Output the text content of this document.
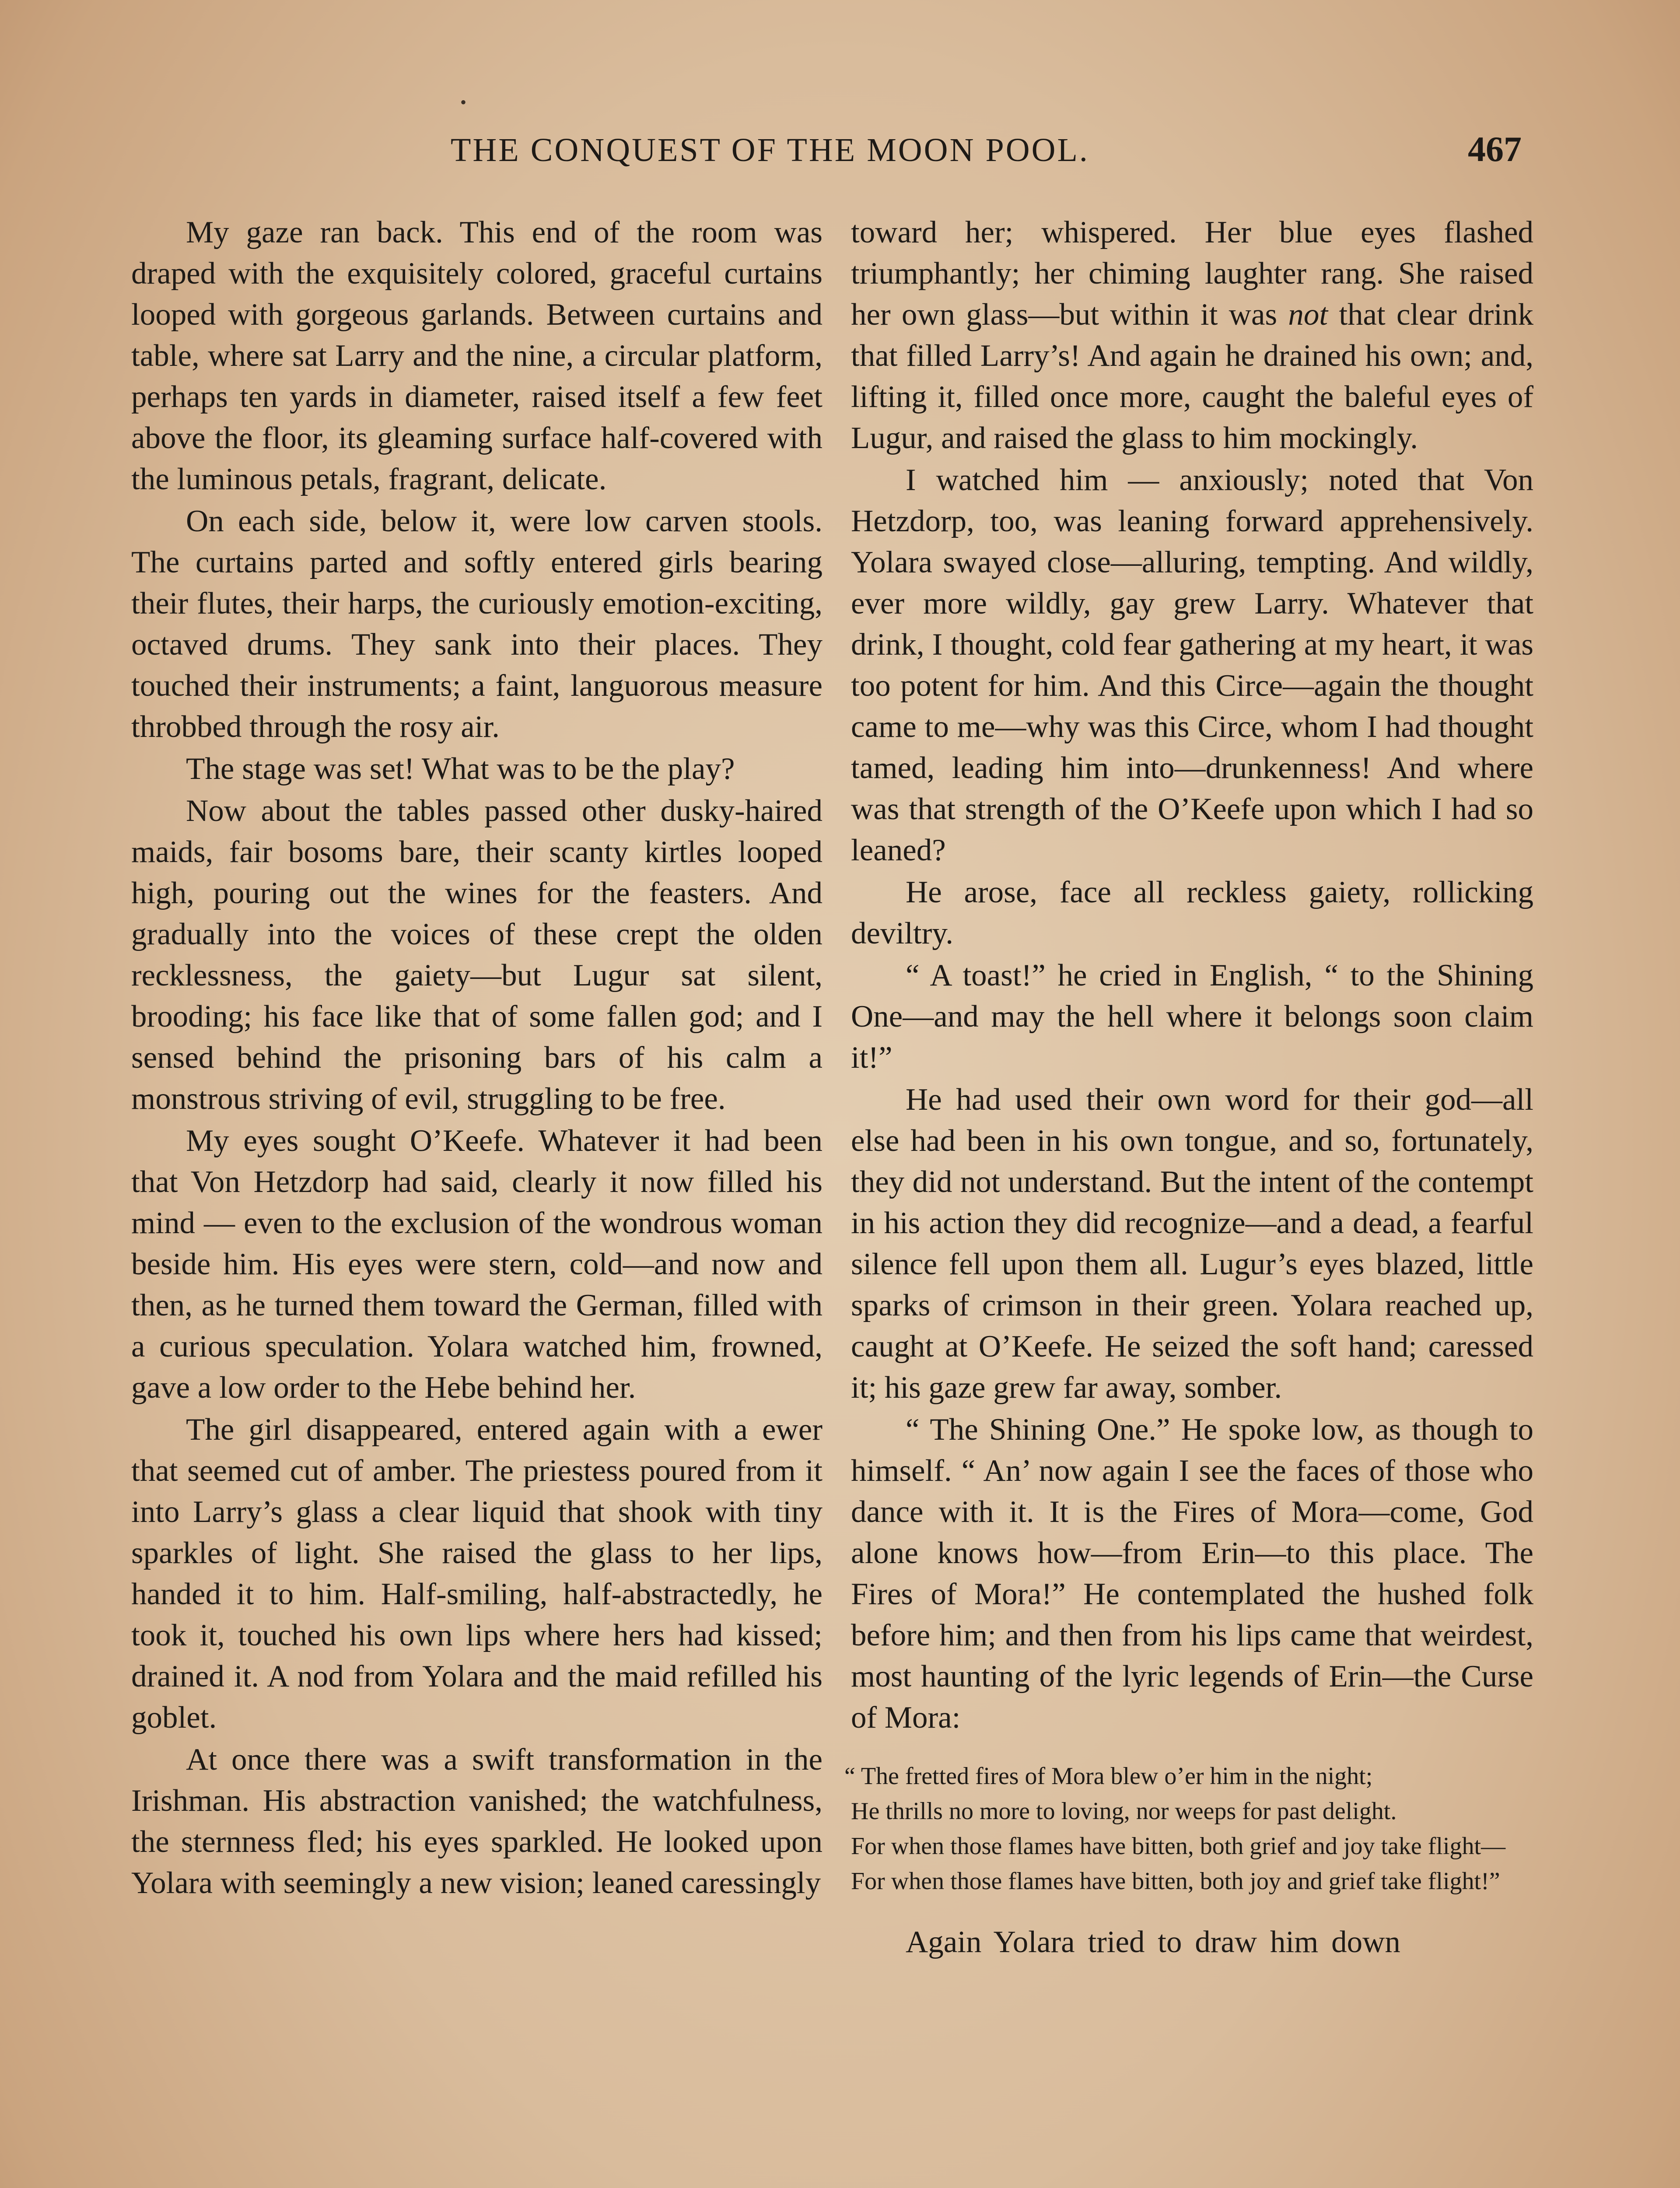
THE CONQUEST OF THE MOON POOL.	467

My gaze ran back. This end of the room was draped with the exquisitely colored, graceful curtains looped with gorgeous garlands. Between curtains and table, where sat Larry and the nine, a circular platform, perhaps ten yards in diameter, raised itself a few feet above the floor, its gleaming surface half-covered with the luminous petals, fragrant, delicate.

On each side, below it, were low carven stools. The curtains parted and softly entered girls bearing their flutes, their harps, the curiously emotion-exciting, octaved drums. They sank into their places. They touched their instruments; a faint, languorous measure throbbed through the rosy air.

The stage was set! What was to be the play?

Now about the tables passed other dusky-haired maids, fair bosoms bare, their scanty kirtles looped high, pouring out the wines for the feasters. And gradually into the voices of these crept the olden recklessness, the gaiety—but Lugur sat silent, brooding; his face like that of some fallen god; and I sensed behind the prisoning bars of his calm a monstrous striving of evil, struggling to be free.

My eyes sought O’Keefe. Whatever it had been that Von Hetzdorp had said, clearly it now filled his mind — even to the exclusion of the wondrous woman beside him. His eyes were stern, cold—and now and then, as he turned them toward the German, filled with a curious speculation. Yolara watched him, frowned, gave a low order to the Hebe behind her.

The girl disappeared, entered again with a ewer that seemed cut of amber. The priestess poured from it into Larry’s glass a clear liquid that shook with tiny sparkles of light. She raised the glass to her lips, handed it to him. Half-smiling, half-abstractedly, he took it, touched his own lips where hers had kissed; drained it. A nod from Yolara and the maid refilled his goblet.

At once there was a swift transformation in the Irishman. His abstraction vanished; the watchfulness, the sternness fled; his eyes sparkled. He looked upon Yolara with seemingly a new vision; leaned caressingly

toward her; whispered. Her blue eyes flashed triumphantly; her chiming laughter rang. She raised her own glass—but within it was not that clear drink that filled Larry’s! And again he drained his own; and, lifting it, filled once more, caught the baleful eyes of Lugur, and raised the glass to him mockingly.

I watched him — anxiously; noted that Von Hetzdorp, too, was leaning forward apprehensively. Yolara swayed close—alluring, tempting. And wildly, ever more wildly, gay grew Larry. Whatever that drink, I thought, cold fear gathering at my heart, it was too potent for him. And this Circe—again the thought came to me—why was this Circe, whom I had thought tamed, leading him into—drunkenness! And where was that strength of the O’Keefe upon which I had so leaned?

He arose, face all reckless gaiety, rollicking deviltry.

“ A toast!” he cried in English, “ to the Shining One—and may the hell where it belongs soon claim it!”

He had used their own word for their god—all else had been in his own tongue, and so, fortunately, they did not understand. But the intent of the contempt in his action they did recognize—and a dead, a fearful silence fell upon them all. Lugur’s eyes blazed, little sparks of crimson in their green. Yolara reached up, caught at O’Keefe. He seized the soft hand; caressed it; his gaze grew far away, somber.

“ The Shining One.” He spoke low, as though to himself. “ An’ now again I see the faces of those who dance with it. It is the Fires of Mora—come, God alone knows how—from Erin—to this place. The Fires of Mora!” He contemplated the hushed folk before him; and then from his lips came that weirdest, most haunting of the lyric legends of Erin—the Curse of Mora:

“ The fretted fires of Mora blew o’er him in the night;
He thrills no more to loving, nor weeps for past delight.
For when those flames have bitten, both grief and joy take flight—
For when those flames have bitten, both joy and grief take flight!”
Again Yolara tried to draw him down
•
